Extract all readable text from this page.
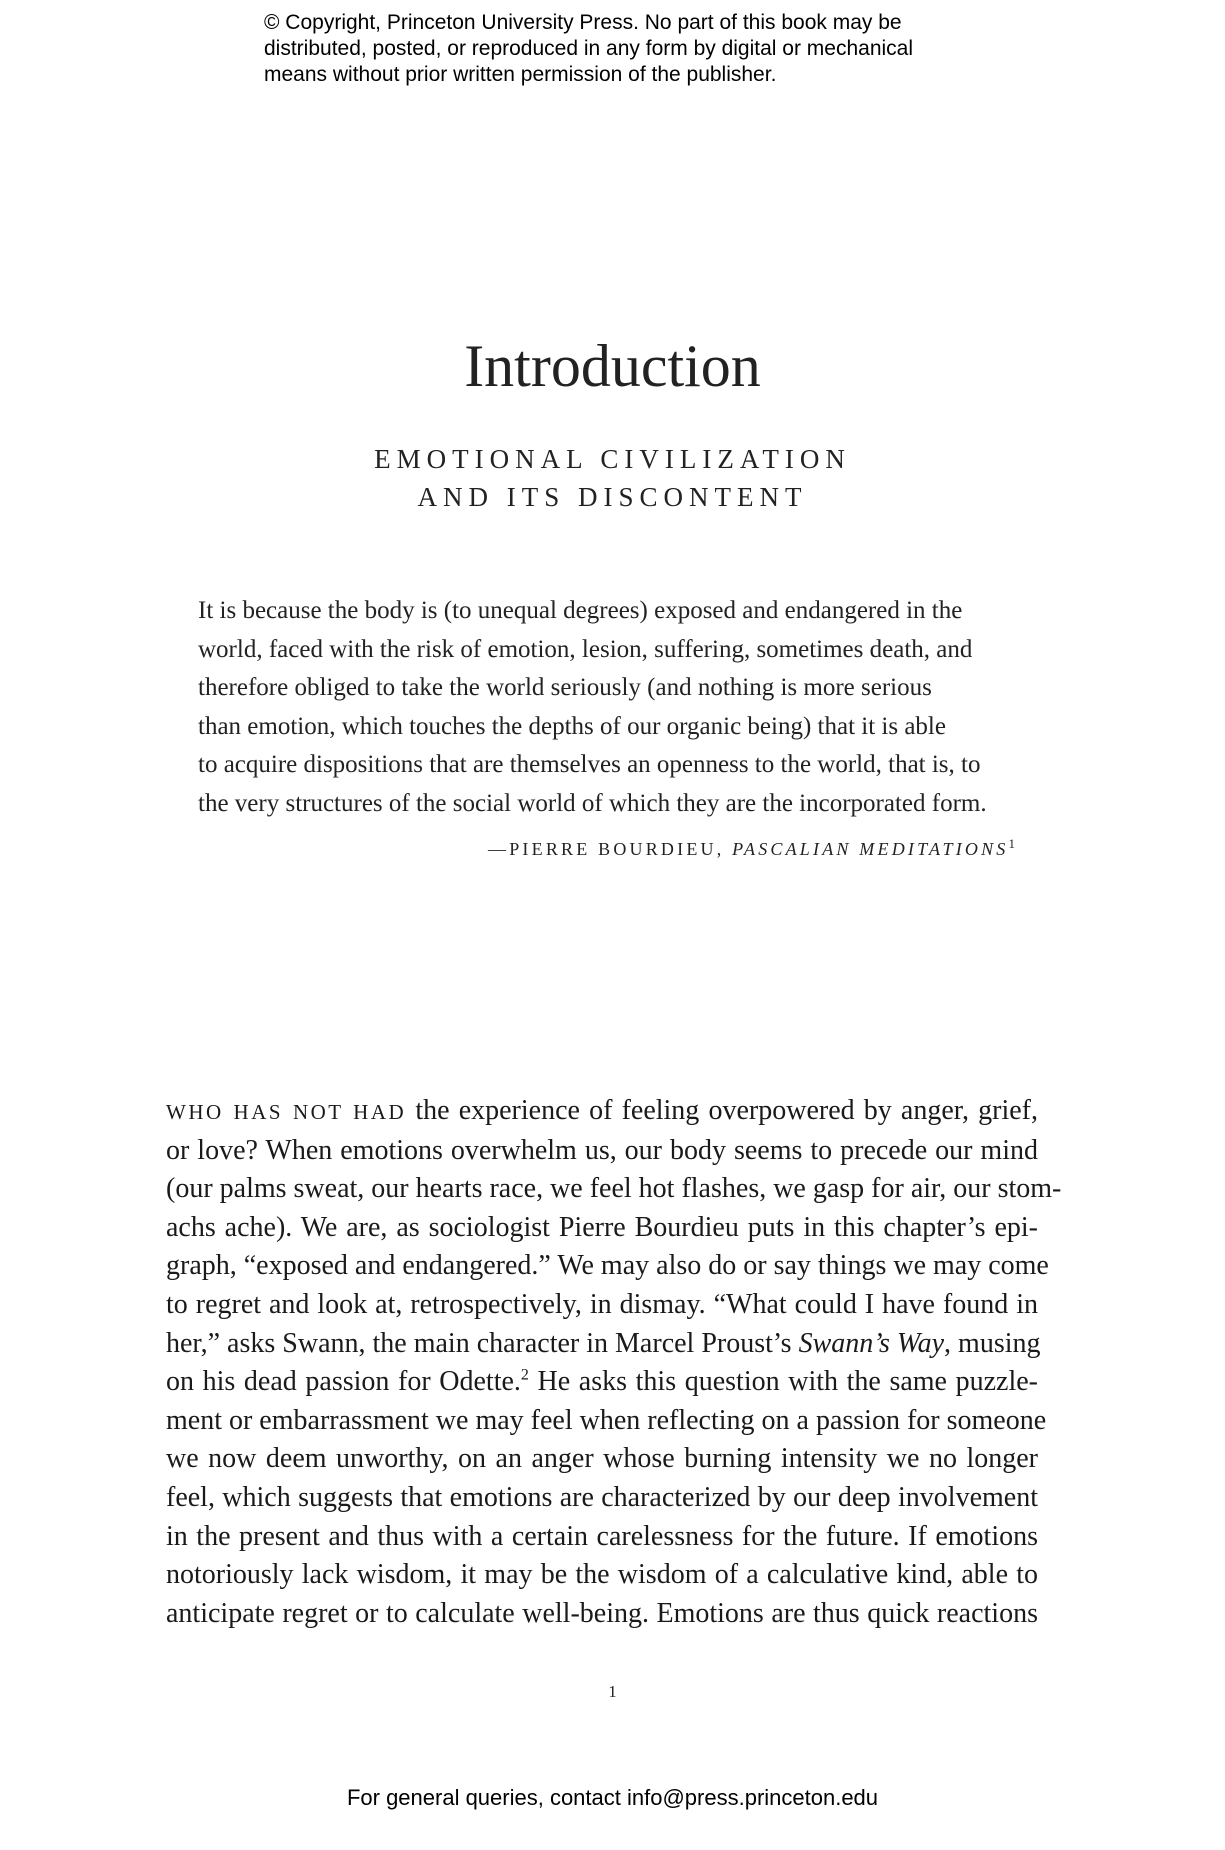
© Copyright, Princeton University Press. No part of this book may be
distributed, posted, or reproduced in any form by digital or mechanical
means without prior written permission of the publisher.
Introduction
EMOTIONAL CIVILIZATION
AND ITS DISCONTENT
It is because the body is (to unequal degrees) exposed and endangered in the
world, faced with the risk of emotion, lesion, suffering, sometimes death, and
therefore obliged to take the world seriously (and nothing is more serious
than emotion, which touches the depths of our organic being) that it is able
to acquire dispositions that are themselves an openness to the world, that is, to
the very structures of the social world of which they are the incorporated form.
—PIERRE BOURDIEU, PASCALIAN MEDITATIONS$^1$
WHO HAS NOT HAD the experience of feeling overpowered by anger, grief,
or love? When emotions overwhelm us, our body seems to precede our mind
(our palms sweat, our hearts race, we feel hot flashes, we gasp for air, our stom-
achs ache). We are, as sociologist Pierre Bourdieu puts in this chapter’s epi-
graph, “exposed and endangered.” We may also do or say things we may come
to regret and look at, retrospectively, in dismay. “What could I have found in
her,” asks Swann, the main character in Marcel Proust’s Swann’s Way, musing
on his dead passion for Odette.$^2$ He asks this question with the same puzzle-
ment or embarrassment we may feel when reflecting on a passion for someone
we now deem unworthy, on an anger whose burning intensity we no longer
feel, which suggests that emotions are characterized by our deep involvement
in the present and thus with a certain carelessness for the future. If emotions
notoriously lack wisdom, it may be the wisdom of a calculative kind, able to
anticipate regret or to calculate well-being. Emotions are thus quick reactions
1
For general queries, contact info@press.princeton.edu
